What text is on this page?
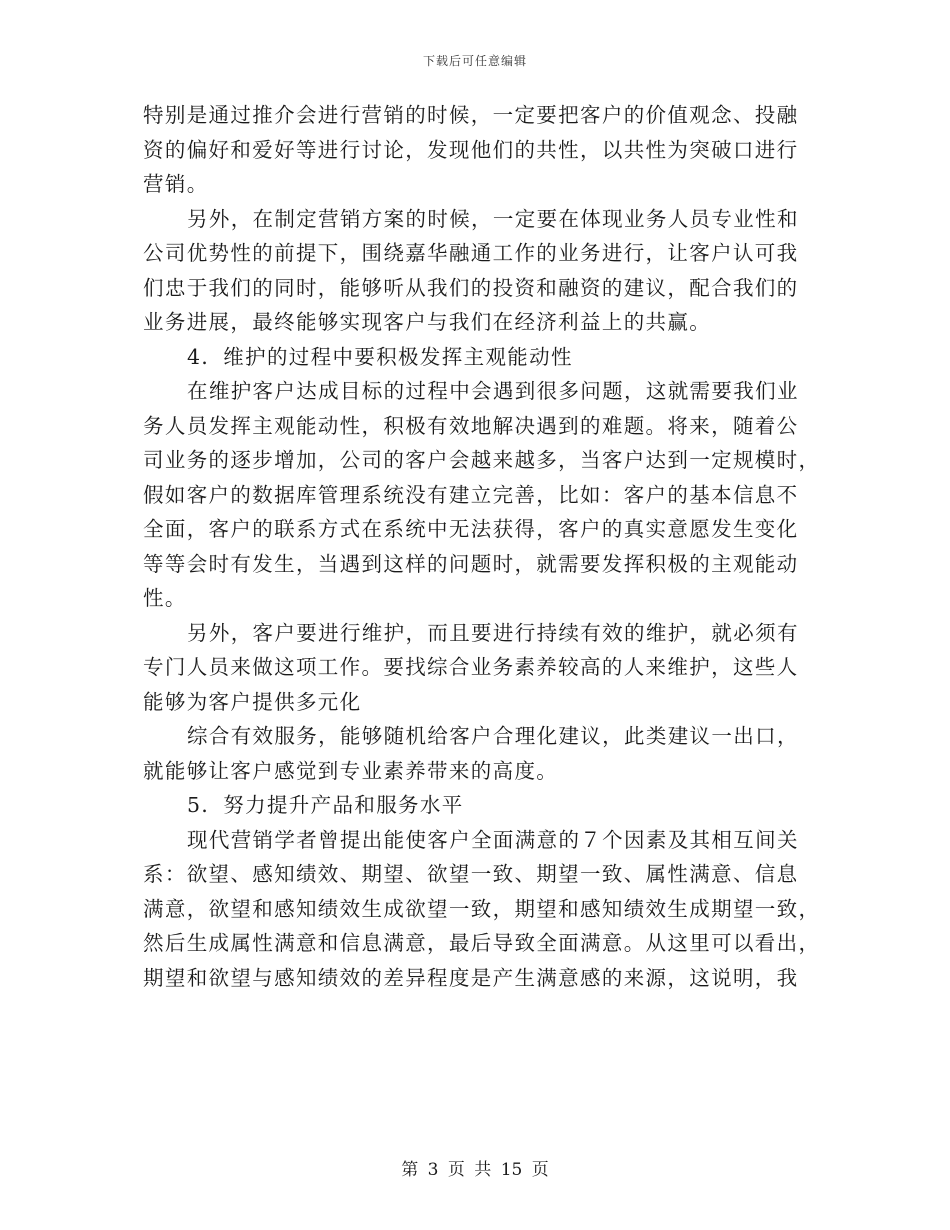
下载后可任意编辑
特别是通过推介会进行营销的时候，一定要把客户的价值观念、投融
资的偏好和爱好等进行讨论，发现他们的共性，以共性为突破口进行
营销。
另外，在制定营销方案的时候，一定要在体现业务人员专业性和
公司优势性的前提下，围绕嘉华融通工作的业务进行，让客户认可我
们忠于我们的同时，能够听从我们的投资和融资的建议，配合我们的
业务进展，最终能够实现客户与我们在经济利益上的共赢。
4．维护的过程中要积极发挥主观能动性
在维护客户达成目标的过程中会遇到很多问题，这就需要我们业
务人员发挥主观能动性，积极有效地解决遇到的难题。将来，随着公
司业务的逐步增加，公司的客户会越来越多，当客户达到一定规模时，
假如客户的数据库管理系统没有建立完善，比如：客户的基本信息不
全面，客户的联系方式在系统中无法获得，客户的真实意愿发生变化
等等会时有发生，当遇到这样的问题时，就需要发挥积极的主观能动
性。
另外，客户要进行维护，而且要进行持续有效的维护，就必须有
专门人员来做这项工作。要找综合业务素养较高的人来维护，这些人
能够为客户提供多元化
综合有效服务，能够随机给客户合理化建议，此类建议一出口，
就能够让客户感觉到专业素养带来的高度。
5．努力提升产品和服务水平
现代营销学者曾提出能使客户全面满意的７个因素及其相互间关
系：欲望、感知绩效、期望、欲望一致、期望一致、属性满意、信息
满意，欲望和感知绩效生成欲望一致，期望和感知绩效生成期望一致，
然后生成属性满意和信息满意，最后导致全面满意。从这里可以看出，
期望和欲望与感知绩效的差异程度是产生满意感的来源，这说明，我
第 3 页 共 15 页
